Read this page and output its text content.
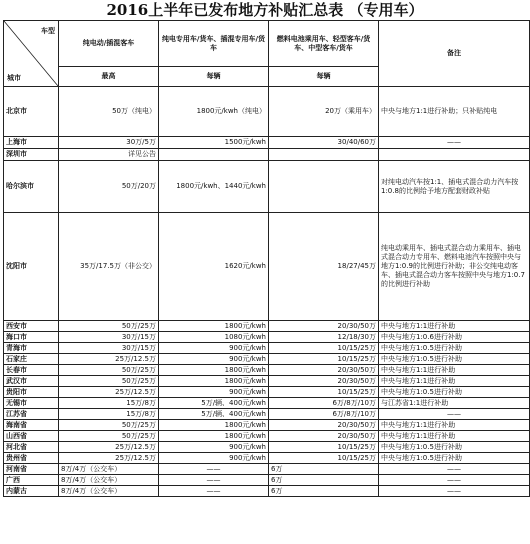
2016上半年已发布地方补贴汇总表 （专用车）
车型
城市	纯电动/插混客车	纯电专用车/货车、插混专用车/货车	燃料电池乘用车、轻型客车/货车、中型客车/货车	备注
	最高	每辆	每辆	
北京市	50万（纯电）	1800元/kwh（纯电）	20万（乘用车）	中央与地方1:1进行补助；只补贴纯电
上海市	30万/5万	1500元/kwh	30/40/60万	——
深圳市	详见公告			
哈尔滨市	50万/20万	1800元/kwh、1440元/kwh		对纯电动汽车按1:1、插电式混合动力汽车按1:0.8的比例给予地方配套财政补贴
沈阳市	35万/17.5万（非公交）	1620元/kwh	18/27/45万	纯电动乘用车、插电式混合动力乘用车、插电式混合动力专用车、燃料电池汽车按照中央与地方1:0.9的比例进行补助；非公交纯电动客车、插电式混合动力客车按照中央与地方1:0.7的比例进行补助
西安市	50万/25万	1800元/kwh	20/30/50万	中央与地方1:1进行补助
海口市	30万/15万	1080元/kwh	12/18/30万	中央与地方1:0.6进行补助
青海市	30万/15万	900元/kwh	10/15/25万	中央与地方1:0.5进行补助
石家庄	25万/12.5万	900元/kwh	10/15/25万	中央与地方1:0.5进行补助
长春市	50万/25万	1800元/kwh	20/30/50万	中央与地方1:1进行补助
武汉市	50万/25万	1800元/kwh	20/30/50万	中央与地方1:1进行补助
贵阳市	25万/12.5万	900元/kwh	10/15/25万	中央与地方1:0.5进行补助
无锡市	15万/8万	5万/辆、400元/kwh	6万/8万/10万	与江苏省1:1进行补助
江苏省	15万/8万	5万/辆、400元/kwh	6万/8万/10万	——
海南省	50万/25万	1800元/kwh	20/30/50万	中央与地方1:1进行补助
山西省	50万/25万	1800元/kwh	20/30/50万	中央与地方1:1进行补助
河北省	25万/12.5万	900元/kwh	10/15/25万	中央与地方1:0.5进行补助
贵州省	25万/12.5万	900元/kwh	10/15/25万	中央与地方1:0.5进行补助
河南省	8万/4万（公交车）	——	6万	——
广西	8万/4万（公交车）	——	6万	——
内蒙古	8万/4万（公交车）	——	6万	——
